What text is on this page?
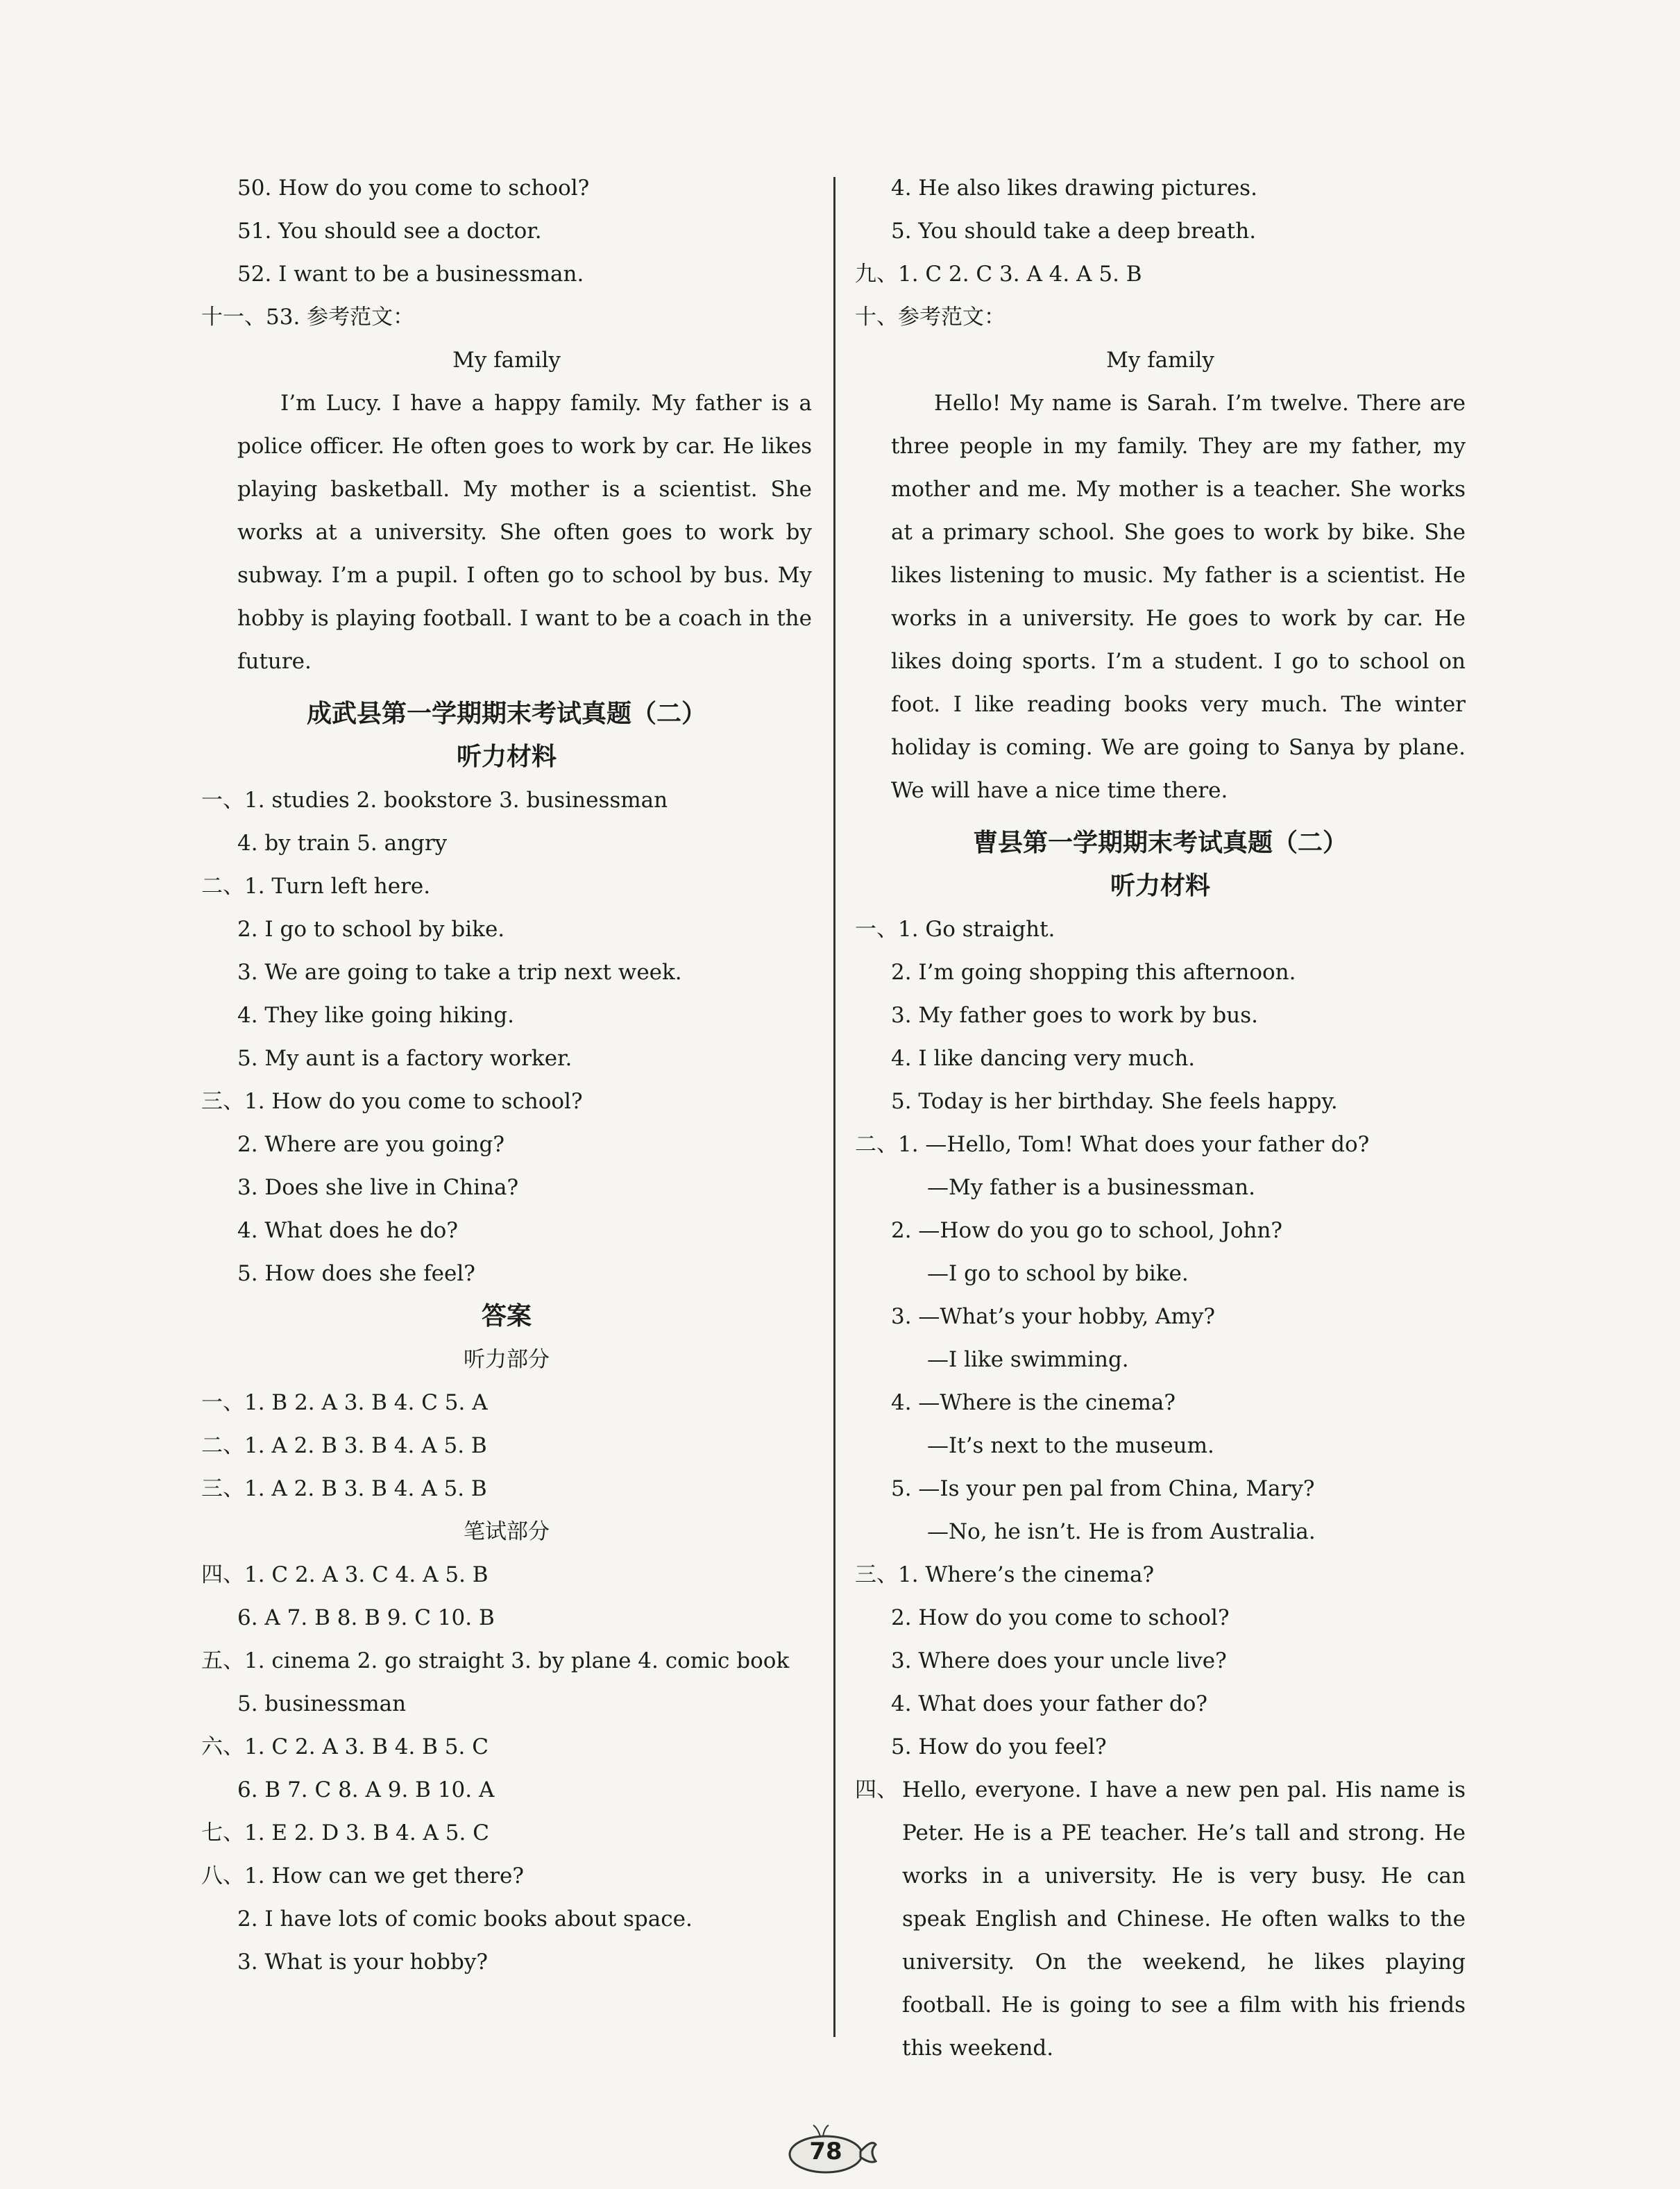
50. How do you come to school?
51. You should see a doctor.
52. I want to be a businessman.
十一、53. 参考范文：
My family

I’m Lucy. I have a happy family. My father is a police officer. He often goes to work by car. He likes playing basketball. My mother is a scientist. She works at a university. She often goes to work by subway. I’m a pupil. I often go to school by bus. My hobby is playing football. I want to be a coach in the future.

成武县第一学期期末考试真题（二）
听力材料
一、1. studies 2. bookstore 3. businessman
4. by train 5. angry
二、1. Turn left here.
2. I go to school by bike.
3. We are going to take a trip next week.
4. They like going hiking.
5. My aunt is a factory worker.
三、1. How do you come to school?
2. Where are you going?
3. Does she live in China?
4. What does he do?
5. How does she feel?
答案
听力部分
一、1. B 2. A 3. B 4. C 5. A
二、1. A 2. B 3. B 4. A 5. B
三、1. A 2. B 3. B 4. A 5. B
笔试部分
四、1. C 2. A 3. C 4. A 5. B
6. A 7. B 8. B 9. C 10. B
五、1. cinema 2. go straight 3. by plane 4. comic book
5. businessman
六、1. C 2. A 3. B 4. B 5. C
6. B 7. C 8. A 9. B 10. A
七、1. E 2. D 3. B 4. A 5. C
八、1. How can we get there?
2. I have lots of comic books about space.
3. What is your hobby?
4. He also likes drawing pictures.
5. You should take a deep breath.
九、1. C 2. C 3. A 4. A 5. B
十、参考范文：
My family

Hello! My name is Sarah. I’m twelve. There are three people in my family. They are my father, my mother and me. My mother is a teacher. She works at a primary school. She goes to work by bike. She likes listening to music. My father is a scientist. He works in a university. He goes to work by car. He likes doing sports. I’m a student. I go to school on foot. I like reading books very much. The winter holiday is coming. We are going to Sanya by plane. We will have a nice time there.

曹县第一学期期末考试真题（二）
听力材料
一、1. Go straight.
2. I’m going shopping this afternoon.
3. My father goes to work by bus.
4. I like dancing very much.
5. Today is her birthday. She feels happy.
二、1. —Hello, Tom! What does your father do?
—My father is a businessman.
2. —How do you go to school, John?
—I go to school by bike.
3. —What’s your hobby, Amy?
—I like swimming.
4. —Where is the cinema?
—It’s next to the museum.
5. —Is your pen pal from China, Mary?
—No, he isn’t. He is from Australia.
三、1. Where’s the cinema?
2. How do you come to school?
3. Where does your uncle live?
4. What does your father do?
5. How do you feel?
四、 Hello, everyone. I have a new pen pal. His name is Peter. He is a PE teacher. He’s tall and strong. He works in a university. He is very busy. He can speak English and Chinese. He often walks to the university. On the weekend, he likes playing football. He is going to see a film with his friends this weekend.

78
